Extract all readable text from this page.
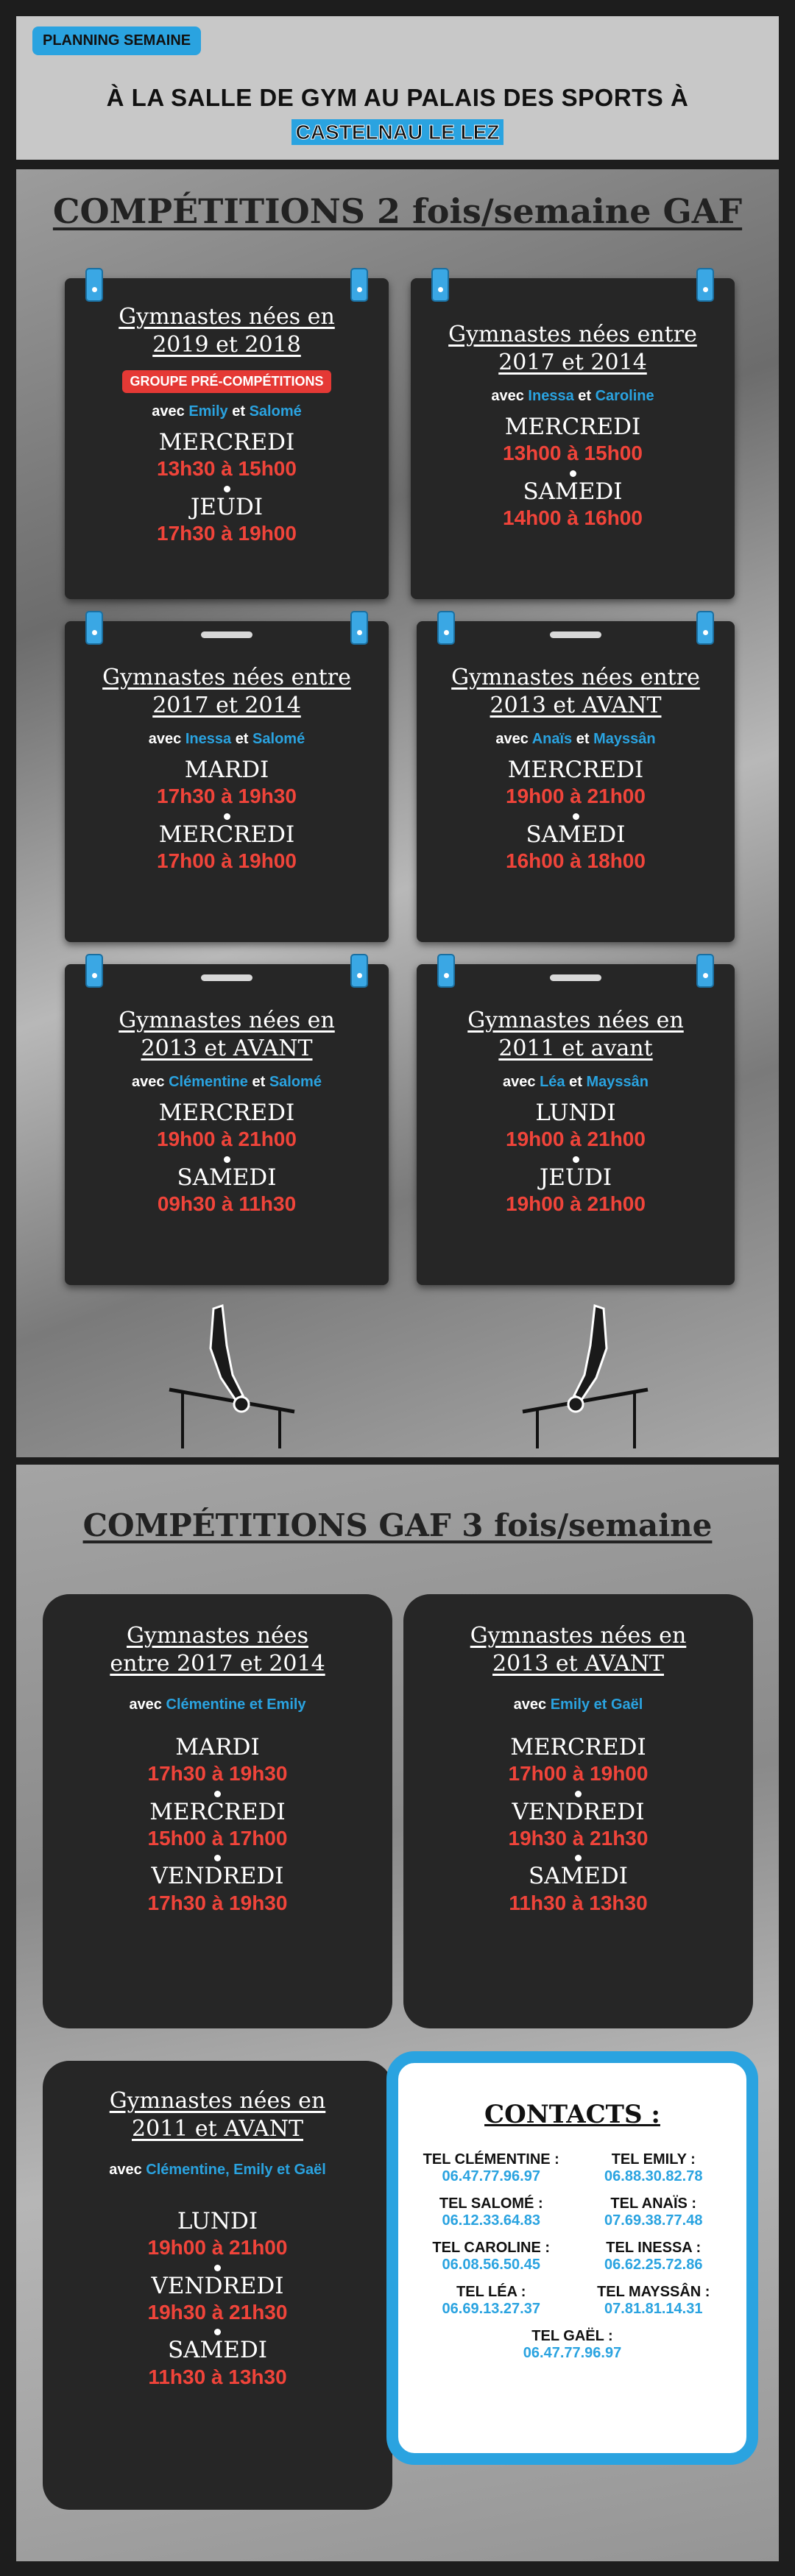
PLANNING SEMAINE
À LA SALLE DE GYM AU PALAIS DES SPORTS À
CASTELNAU LE LEZ
COMPÉTITIONS 2 fois/semaine GAF
Gymnastes nées en
2019 et 2018
GROUPE PRÉ-COMPÉTITIONS
avec Emily et Salomé
MERCREDI
13h30 à 15h00
JEUDI
17h30 à 19h00
Gymnastes nées entre
2017 et 2014
avec Inessa et Caroline
MERCREDI
13h00 à 15h00
SAMEDI
14h00 à 16h00
Gymnastes nées entre
2017 et 2014
avec Inessa et Salomé
MARDI
17h30 à 19h30
MERCREDI
17h00 à 19h00
Gymnastes nées entre
2013 et AVANT
avec Anaïs et Mayssân
MERCREDI
19h00 à 21h00
SAMEDI
16h00 à 18h00
Gymnastes nées en
2013 et AVANT
avec Clémentine et Salomé
MERCREDI
19h00 à 21h00
SAMEDI
09h30 à 11h30
Gymnastes nées en
2011 et avant
avec Léa et Mayssân
LUNDI
19h00 à 21h00
JEUDI
19h00 à 21h00
COMPÉTITIONS GAF 3 fois/semaine
Gymnastes nées
entre 2017 et 2014
avec Clémentine et Emily
MARDI
17h30 à 19h30
MERCREDI
15h00 à 17h00
VENDREDI
17h30 à 19h30
Gymnastes nées en
2013 et AVANT
avec Emily et Gaël
MERCREDI
17h00 à 19h00
VENDREDI
19h30 à 21h30
SAMEDI
11h30 à 13h30
Gymnastes nées en
2011 et AVANT
avec Clémentine, Emily et Gaël
LUNDI
19h00 à 21h00
VENDREDI
19h30 à 21h30
SAMEDI
11h30 à 13h30
CONTACTS :
TEL CLÉMENTINE :
06.47.77.96.97
TEL EMILY :
06.88.30.82.78
TEL SALOMÉ :
06.12.33.64.83
TEL ANAÏS :
07.69.38.77.48
TEL CAROLINE :
06.08.56.50.45
TEL INESSA :
06.62.25.72.86
TEL LÉA :
06.69.13.27.37
TEL MAYSSÂN :
07.81.81.14.31
TEL GAËL :
06.47.77.96.97
